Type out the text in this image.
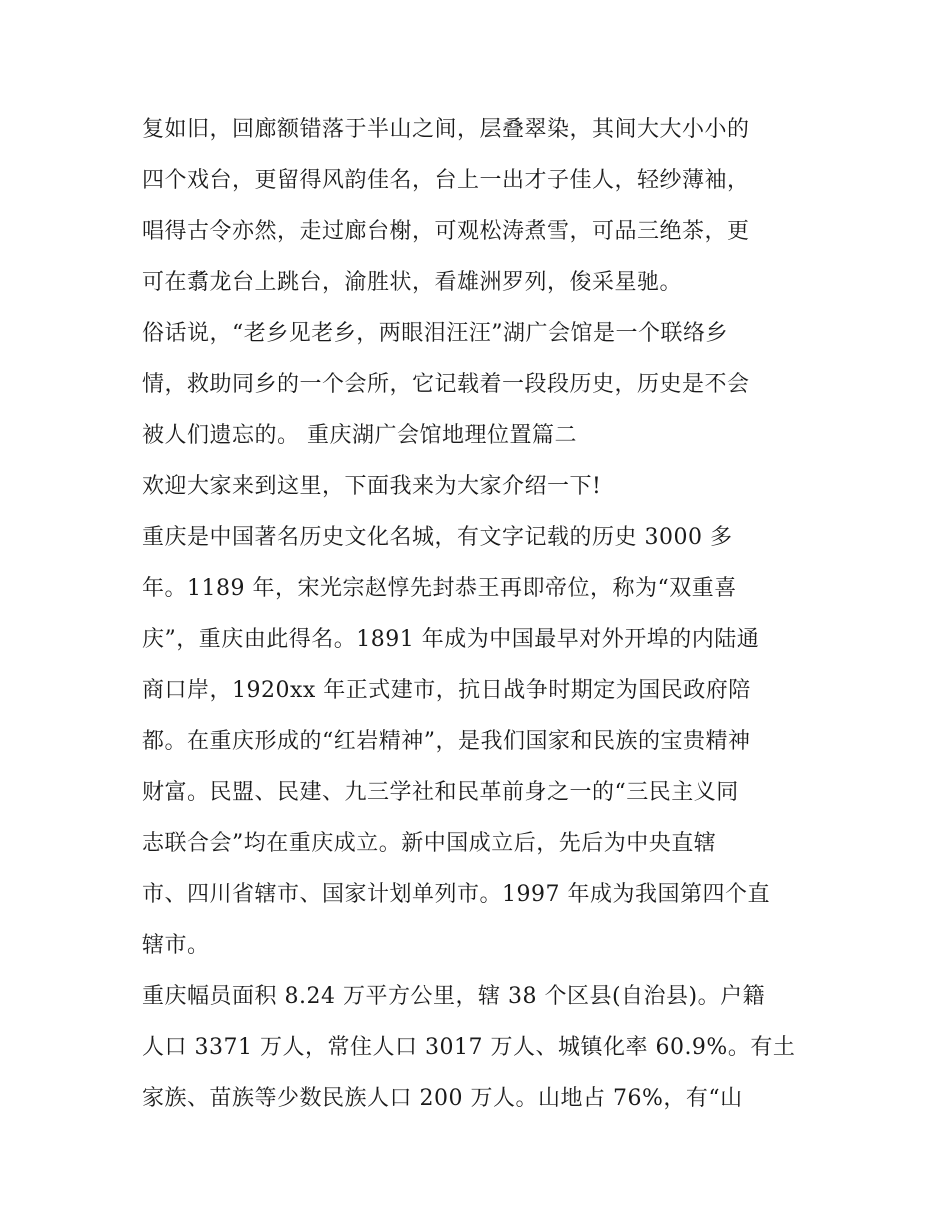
复如旧，回廊额错落于半山之间，层叠翠染，其间大大小小的
四个戏台，更留得风韵佳名，台上一出才子佳人，轻纱薄袖，
唱得古令亦然，走过廊台榭，可观松涛煮雪，可品三绝茶，更
可在翥龙台上跳台，渝胜状，看雄洲罗列，俊采星驰。
俗话说，“老乡见老乡，两眼泪汪汪”湖广会馆是一个联络乡
情，救助同乡的一个会所，它记载着一段段历史，历史是不会
被人们遗忘的。 重庆湖广会馆地理位置篇二
欢迎大家来到这里，下面我来为大家介绍一下!
重庆是中国著名历史文化名城，有文字记载的历史 3000 多
年。1189 年，宋光宗赵惇先封恭王再即帝位，称为“双重喜
庆”，重庆由此得名。1891 年成为中国最早对外开埠的内陆通
商口岸，1920xx 年正式建市，抗日战争时期定为国民政府陪
都。在重庆形成的“红岩精神”，是我们国家和民族的宝贵精神
财富。民盟、民建、九三学社和民革前身之一的“三民主义同
志联合会”均在重庆成立。新中国成立后，先后为中央直辖
市、四川省辖市、国家计划单列市。1997 年成为我国第四个直
辖市。
重庆幅员面积 8.24 万平方公里，辖 38 个区县(自治县)。户籍
人口 3371 万人，常住人口 3017 万人、城镇化率 60.9%。有土
家族、苗族等少数民族人口 200 万人。山地占 76%，有“山
